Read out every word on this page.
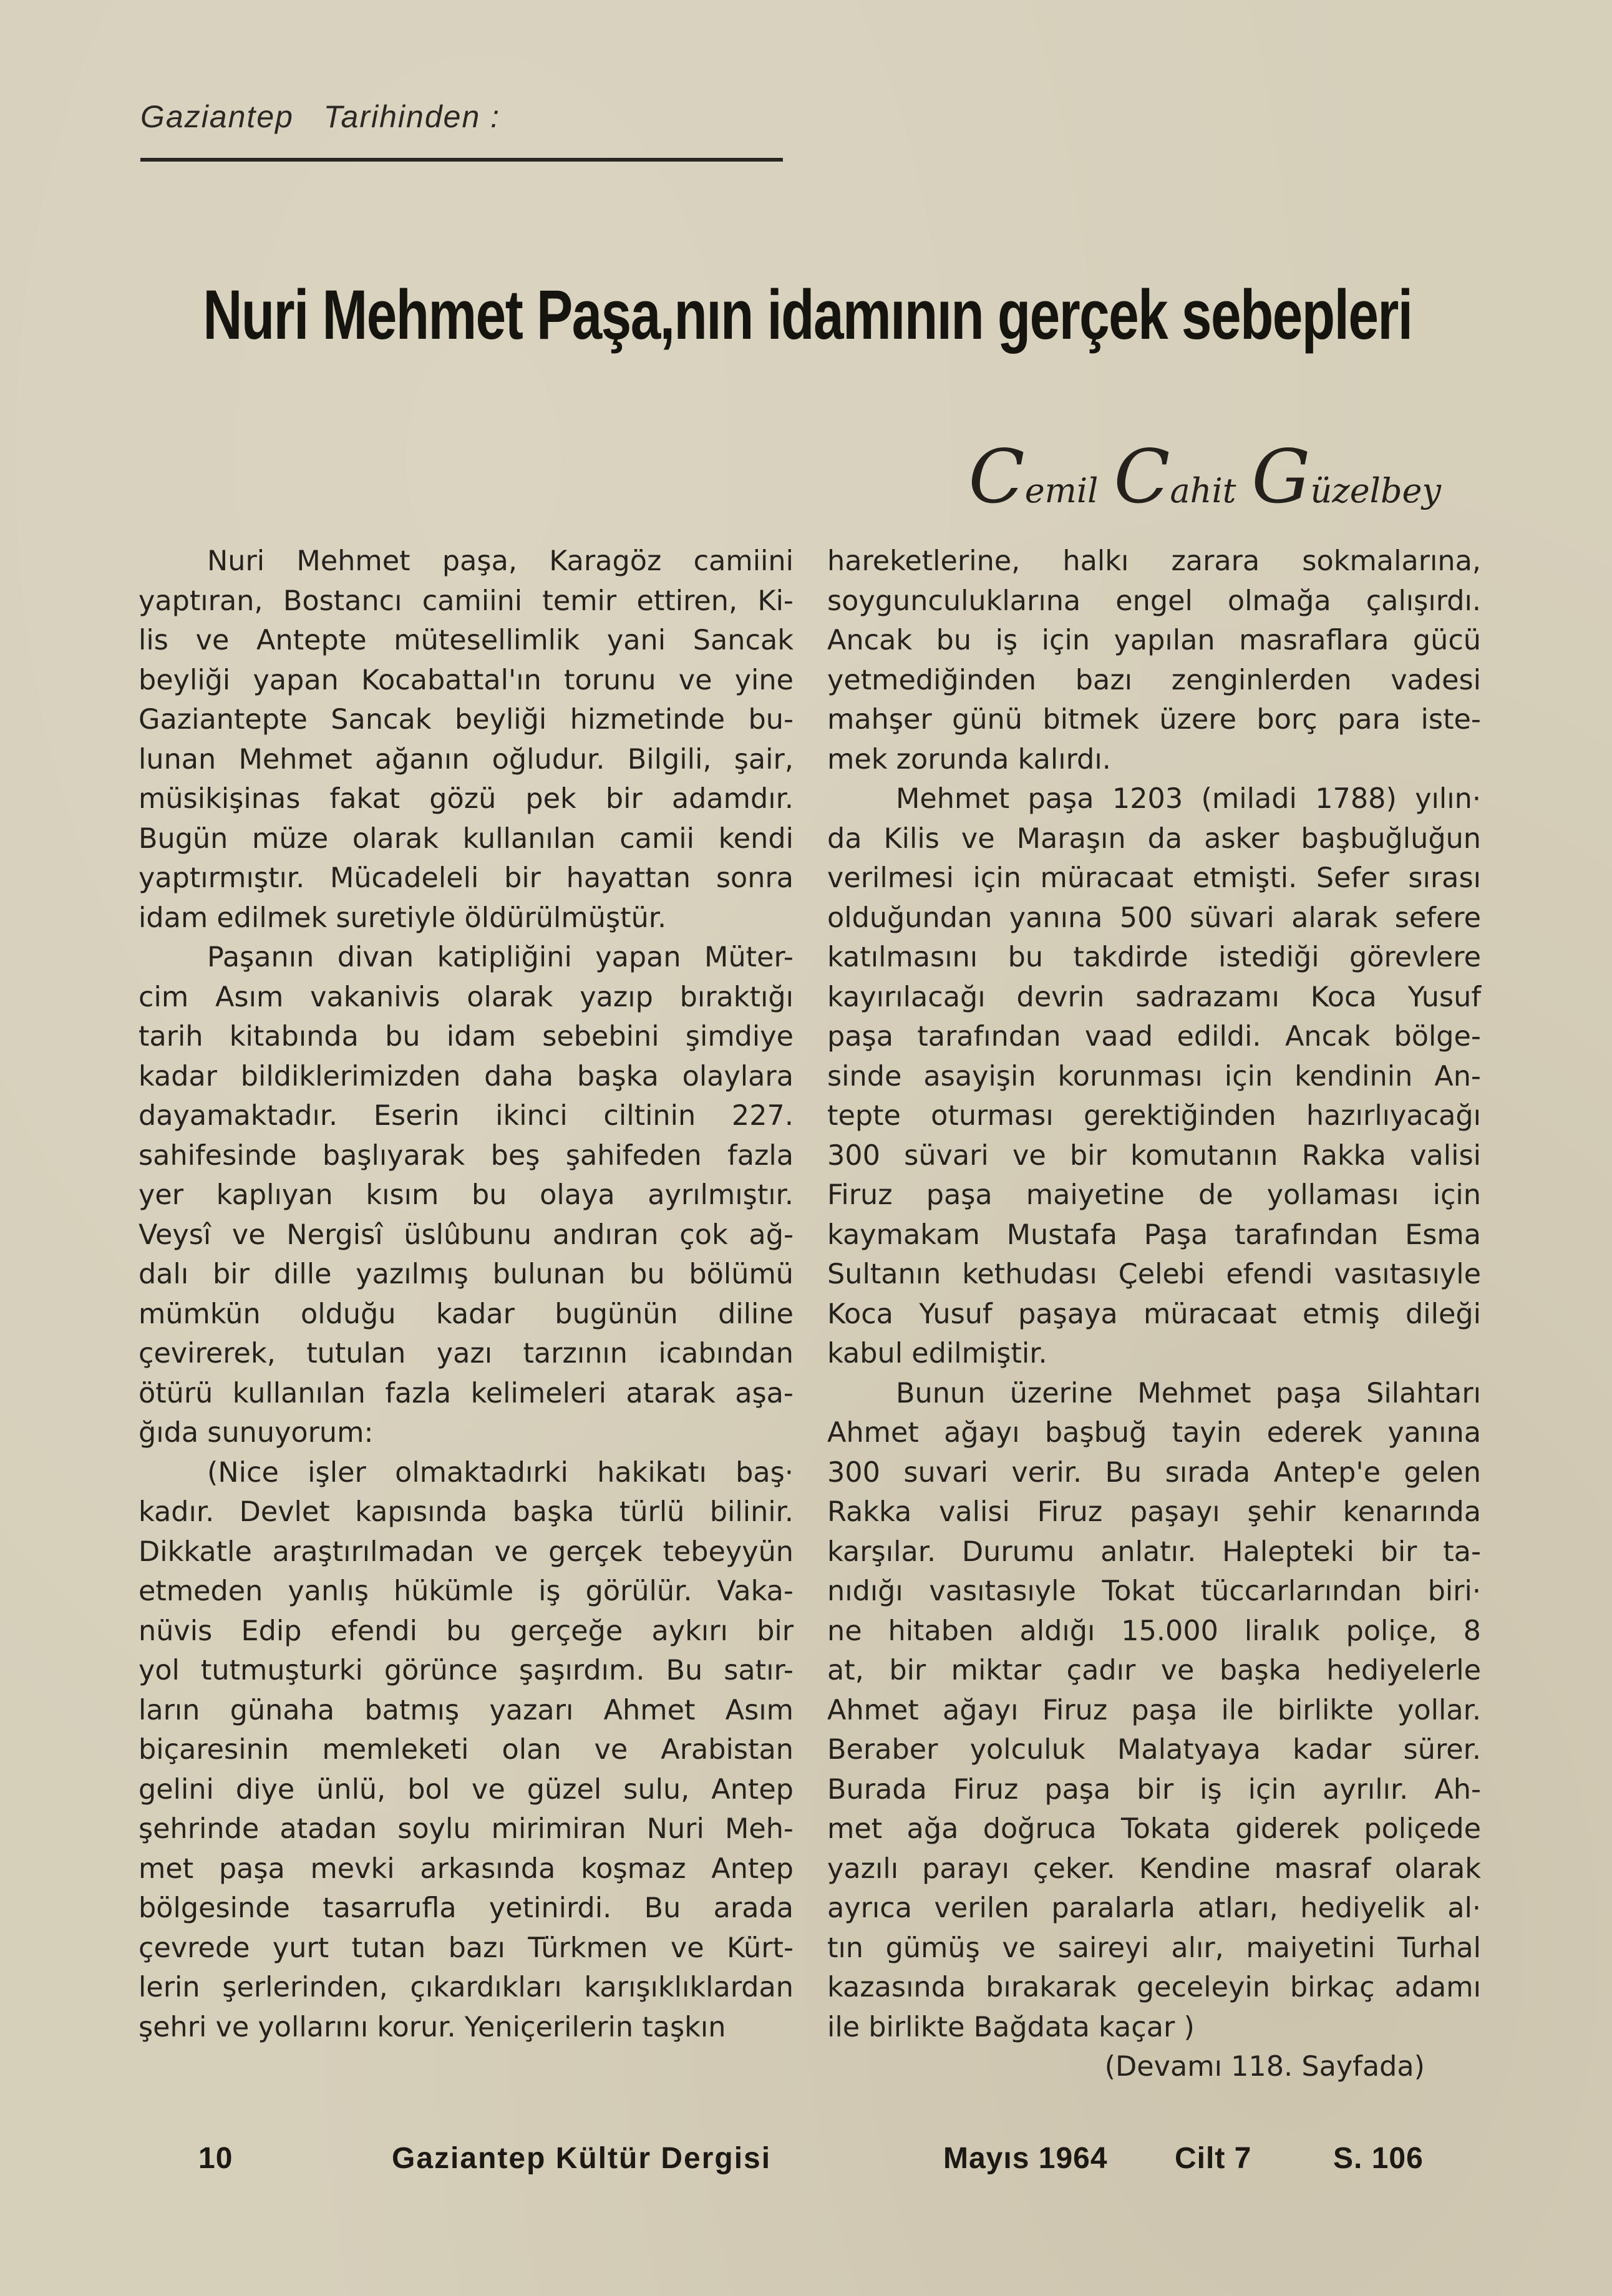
Gaziantep   Tarihinden :

Nuri Mehmet Paşa,nın idamının gerçek sebepleri
Cemil Cahit Güzelbey
Nuri Mehmet paşa, Karagöz camiini
yaptıran, Bostancı camiini temir ettiren, Ki-
lis ve Antepte mütesellimlik yani Sancak
beyliği yapan Kocabattal'ın torunu ve yine
Gaziantepte Sancak beyliği hizmetinde bu-
lunan Mehmet ağanın oğludur. Bilgili, şair,
müsikişinas fakat gözü pek bir adamdır.
Bugün müze olarak kullanılan camii kendi
yaptırmıştır. Mücadeleli bir hayattan sonra
idam edilmek suretiyle öldürülmüştür.
Paşanın divan katipliğini yapan Müter-
cim Asım vakanivis olarak yazıp bıraktığı
tarih kitabında bu idam sebebini şimdiye
kadar bildiklerimizden daha başka olaylara
dayamaktadır. Eserin ikinci ciltinin 227.
sahifesinde başlıyarak beş şahifeden fazla
yer kaplıyan kısım bu olaya ayrılmıştır.
Veysî ve Nergisî üslûbunu andıran çok ağ-
dalı bir dille yazılmış bulunan bu bölümü
mümkün olduğu kadar bugünün diline
çevirerek, tutulan yazı tarzının icabından
ötürü kullanılan fazla kelimeleri atarak aşa-
ğıda sunuyorum:
(Nice işler olmaktadırki hakikatı baş·
kadır. Devlet kapısında başka türlü bilinir.
Dikkatle araştırılmadan ve gerçek tebeyyün
etmeden yanlış hükümle iş görülür. Vaka-
nüvis Edip efendi bu gerçeğe aykırı bir
yol tutmuşturki görünce şaşırdım. Bu satır-
ların günaha batmış yazarı Ahmet Asım
biçaresinin memleketi olan ve Arabistan
gelini diye ünlü, bol ve güzel sulu, Antep
şehrinde atadan soylu mirimiran Nuri Meh-
met paşa mevki arkasında koşmaz Antep
bölgesinde tasarrufla yetinirdi. Bu arada
çevrede yurt tutan bazı Türkmen ve Kürt-
lerin şerlerinden, çıkardıkları karışıklıklardan
şehri ve yollarını korur. Yeniçerilerin taşkın
hareketlerine, halkı zarara sokmalarına,
soygunculuklarına engel olmağa çalışırdı.
Ancak bu iş için yapılan masraflara gücü
yetmediğinden bazı zenginlerden vadesi
mahşer günü bitmek üzere borç para iste-
mek zorunda kalırdı.
Mehmet paşa 1203 (miladi 1788) yılın·
da Kilis ve Maraşın da asker başbuğluğun
verilmesi için müracaat etmişti. Sefer sırası
olduğundan yanına 500 süvari alarak sefere
katılmasını bu takdirde istediği görevlere
kayırılacağı devrin sadrazamı Koca Yusuf
paşa tarafından vaad edildi. Ancak bölge-
sinde asayişin korunması için kendinin An-
tepte oturması gerektiğinden hazırlıyacağı
300 süvari ve bir komutanın Rakka valisi
Firuz paşa maiyetine de yollaması için
kaymakam Mustafa Paşa tarafından Esma
Sultanın kethudası Çelebi efendi vasıtasıyle
Koca Yusuf paşaya müracaat etmiş dileği
kabul edilmiştir.
Bunun üzerine Mehmet paşa Silahtarı
Ahmet ağayı başbuğ tayin ederek yanına
300 suvari verir. Bu sırada Antep'e gelen
Rakka valisi Firuz paşayı şehir kenarında
karşılar. Durumu anlatır. Halepteki bir ta-
nıdığı vasıtasıyle Tokat tüccarlarından biri·
ne hitaben aldığı 15.000 liralık poliçe, 8
at, bir miktar çadır ve başka hediyelerle
Ahmet ağayı Firuz paşa ile birlikte yollar.
Beraber yolculuk Malatyaya kadar sürer.
Burada Firuz paşa bir iş için ayrılır. Ah-
met ağa doğruca Tokata giderek poliçede
yazılı parayı çeker. Kendine masraf olarak
ayrıca verilen paralarla atları, hediyelik al·
tın gümüş ve saireyi alır, maiyetini Turhal
kazasında bırakarak geceleyin birkaç adamı
ile birlikte Bağdata kaçar )
(Devamı 118. Sayfada)
10	Gaziantep Kültür Dergisi	Mayıs 1964 Cilt 7	S. 106
